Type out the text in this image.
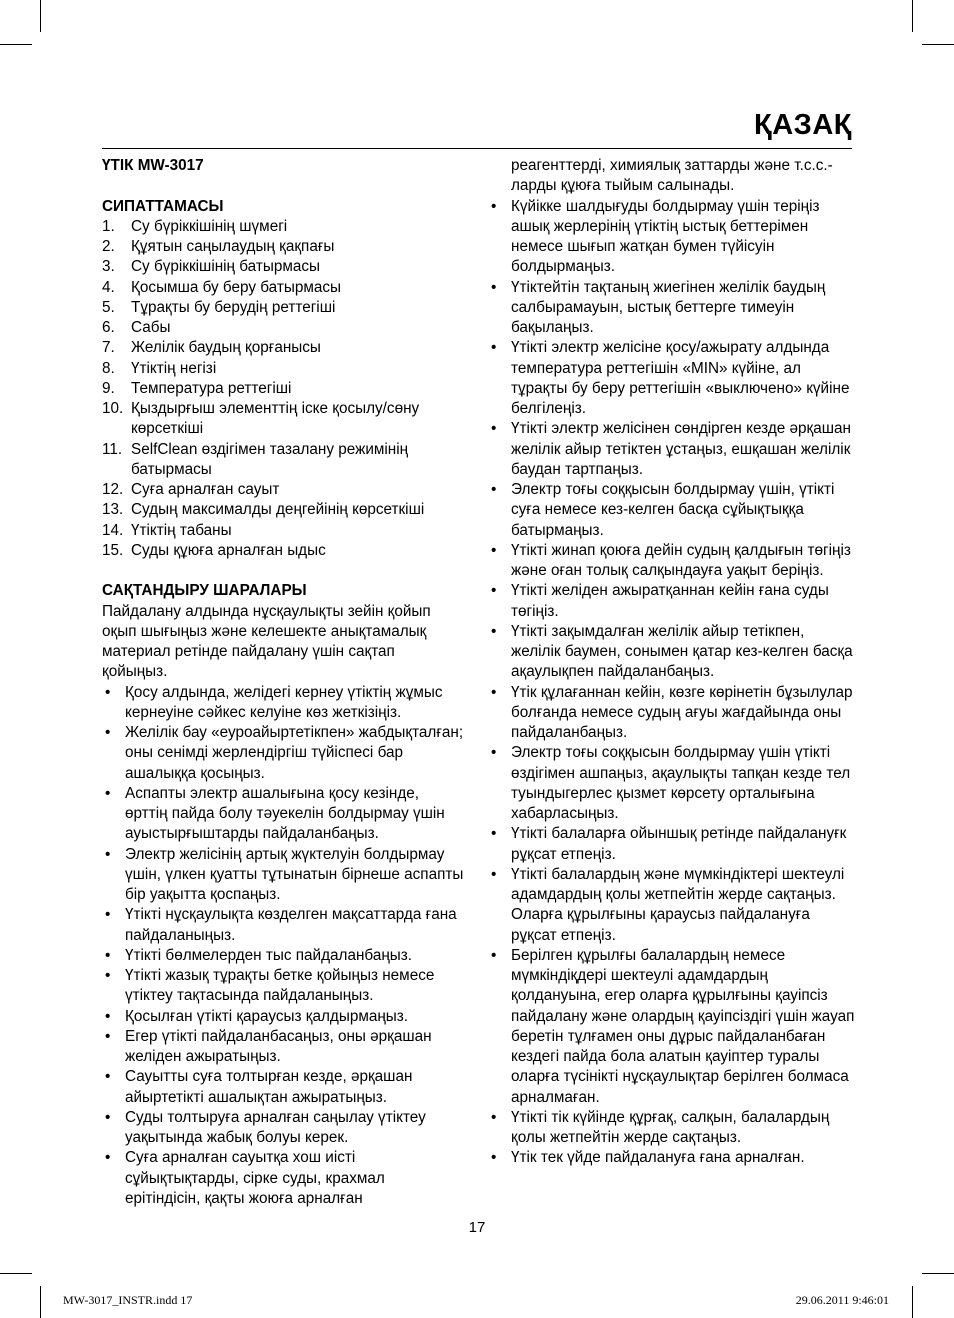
ҚАЗАҚ
ҮТІК MW-3017
СИПАТТАМАСЫ
1. Су бүріккішінің шүмегі
2. Құятын саңылаудың қақпағы
3. Су бүріккішінің батырмасы
4. Қосымша бу беру батырмасы
5. Тұрақты бу берудің реттегіші
6. Сабы
7. Желілік баудың қорғанысы
8. Үтіктің негізі
9. Температура реттегіші
10. Қыздырғыш элементтің іске қосылу/сөну көрсеткіші
11. SelfClean өздігімен тазалану режимінің батырмасы
12. Суға арналған сауыт
13. Судың максималды деңгейінің көрсеткіші
14. Үтіктің табаны
15. Суды құюға арналған ыдыс
САҚТАНДЫРУ ШАРАЛАРЫ
Пайдалану алдында нұсқаулықты зейін қойып оқып шығыңыз және келешекте анықтамалық материал ретінде пайдалану үшін сақтап қойыңыз.
• Қосу алдында, желідегі кернеу үтіктің жұмыс кернеуіне сәйкес келуіне көз жеткізіңіз.
• Желілік бау «еуроайыртетікпен» жабдықталған; оны сенімді жерлендіргіш түйіспесі бар ашалыққа қосыңыз.
• Аспапты электр ашалығына қосу кезінде, өрттің пайда болу тәуекелін болдырмау үшін ауыстырғыштарды пайдаланбаңыз.
• Электр желісінің артық жүктелуін болдырмау үшін, үлкен қуатты тұтынатын бірнеше аспапты бір уақытта қоспаңыз.
• Үтікті нұсқаулықта көзделген мақсаттарда ғана пайдаланыңыз.
• Үтікті бөлмелерден тыс пайдаланбаңыз.
• Үтікті жазық тұрақты бетке қойыңыз немесе үтіктеу тақтасында пайдаланыңыз.
• Қосылған үтікті қараусыз қалдырмаңыз.
• Егер үтікті пайдаланбасаңыз, оны әрқашан желіден ажыратыңыз.
• Сауытты суға толтырған кезде, әрқашан айыртетікті ашалықтан ажыратыңыз.
• Суды толтыруға арналған саңылау үтіктеу уақытында жабық болуы керек.
• Суға арналған сауытқа хош иісті сұйықтықтарды, сірке суды, крахмал ерітіндісін, қақты жоюға арналған
реагенттерді, химиялық заттарды және т.с.с.-ларды құюға тыйым салынады.
• Күйікке шалдығуды болдырмау үшін теріңіз ашық жерлерінің үтіктің ыстық беттерімен немесе шығып жатқан бумен түйісуін болдырмаңыз.
• Үтіктейтін тақтаның жиегінен желілік баудың салбырамауын, ыстық беттерге тимеуін бақылаңыз.
• Үтікті электр желісіне қосу/ажырату алдында температура реттегішін «MIN» күйіне, ал тұрақты бу беру реттегішін «выключено» күйіне белгілеңіз.
• Үтікті электр желісінен сөндірген кезде әрқашан желілік айыр тетіктен ұстаңыз, ешқашан желілік баудан тартпаңыз.
• Электр тоғы соққысын болдырмау үшін, үтікті суға немесе кез-келген басқа сұйықтыққа батырмаңыз.
• Үтікті жинап қоюға дейін судың қалдығын төгіңіз және оған толық салқындауға уақыт беріңіз.
• Үтікті желіден ажыратқаннан кейін ғана суды төгіңіз.
• Үтікті зақымдалған желілік айыр тетікпен, желілік баумен, сонымен қатар кез-келген басқа ақаулықпен пайдаланбаңыз.
• Үтік құлағаннан кейін, көзге көрінетін бұзылулар болғанда немесе судың ағуы жағдайында оны пайдаланбаңыз.
• Электр тоғы соққысын болдырмау үшін үтікті өздігімен ашпаңыз, ақаулықты тапқан кезде тел туындыгерлес қызмет көрсету орталығына хабарласыңыз.
• Үтікті балаларға ойыншық ретінде пайдалануғк рұқсат етпеңіз.
• Үтікті балалардың және мүмкіндіктері шектеулі адамдардың қолы жетпейтін жерде сақтаңыз. Оларға құрылғыны қараусыз пайдалануға рұқсат етпеңіз.
• Берілген құрылғы балалардың немесе мүмкіндіқдері шектеулі адамдардың қолдануына, егер оларға құрылғыны қауіпсіз пайдалану және олардың қауіпсіздігі үшін жауап беретін тұлғамен оны дұрыс пайдаланбаған кездегі пайда бола алатын қауіптер туралы оларға түсінікті нұсқаулықтар берілген болмаса арналмаған.
• Үтікті тік күйінде құрғақ, салқын, балалардың қолы жетпейтін жерде сақтаңыз.
• Үтік тек үйде пайдалануға ғана арналған.
17
MW-3017_INSTR.indd 17	29.06.2011 9:46:01
